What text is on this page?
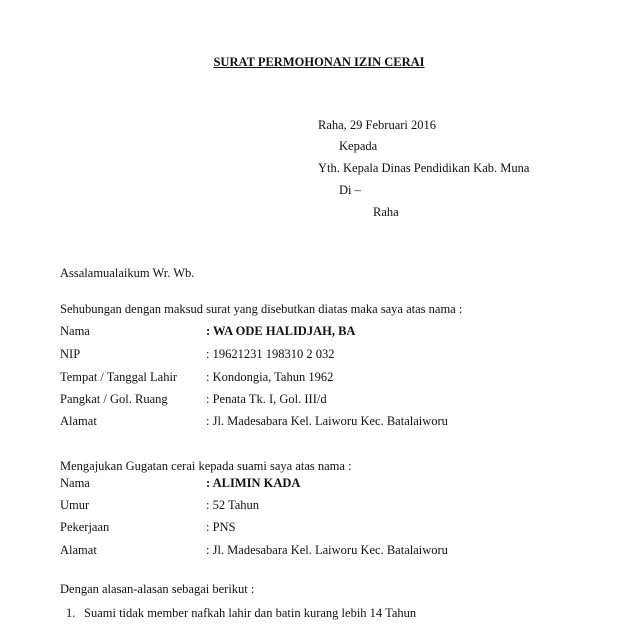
SURAT PERMOHONAN IZIN CERAI
Raha, 29 Februari 2016
Kepada
Yth. Kepala Dinas Pendidikan Kab. Muna
Di –
Raha
Assalamualaikum Wr. Wb.
Sehubungan dengan maksud surat yang disebutkan diatas maka saya atas nama :
Nama	: WA ODE HALIDJAH, BA
NIP	: 19621231 198310 2 032
Tempat / Tanggal Lahir : Kondongia, Tahun 1962
Pangkat / Gol. Ruang	: Penata Tk. I, Gol. III/d
Alamat	: Jl. Madesabara Kel. Laiworu Kec. Batalaiworu
Mengajukan Gugatan cerai kepada suami saya atas nama :
Nama	: ALIMIN KADA
Umur	: 52 Tahun
Pekerjaan	: PNS
Alamat	: Jl. Madesabara Kel. Laiworu Kec. Batalaiworu
Dengan alasan-alasan sebagai berikut :
1. Suami tidak member nafkah lahir dan batin kurang lebih 14 Tahun
